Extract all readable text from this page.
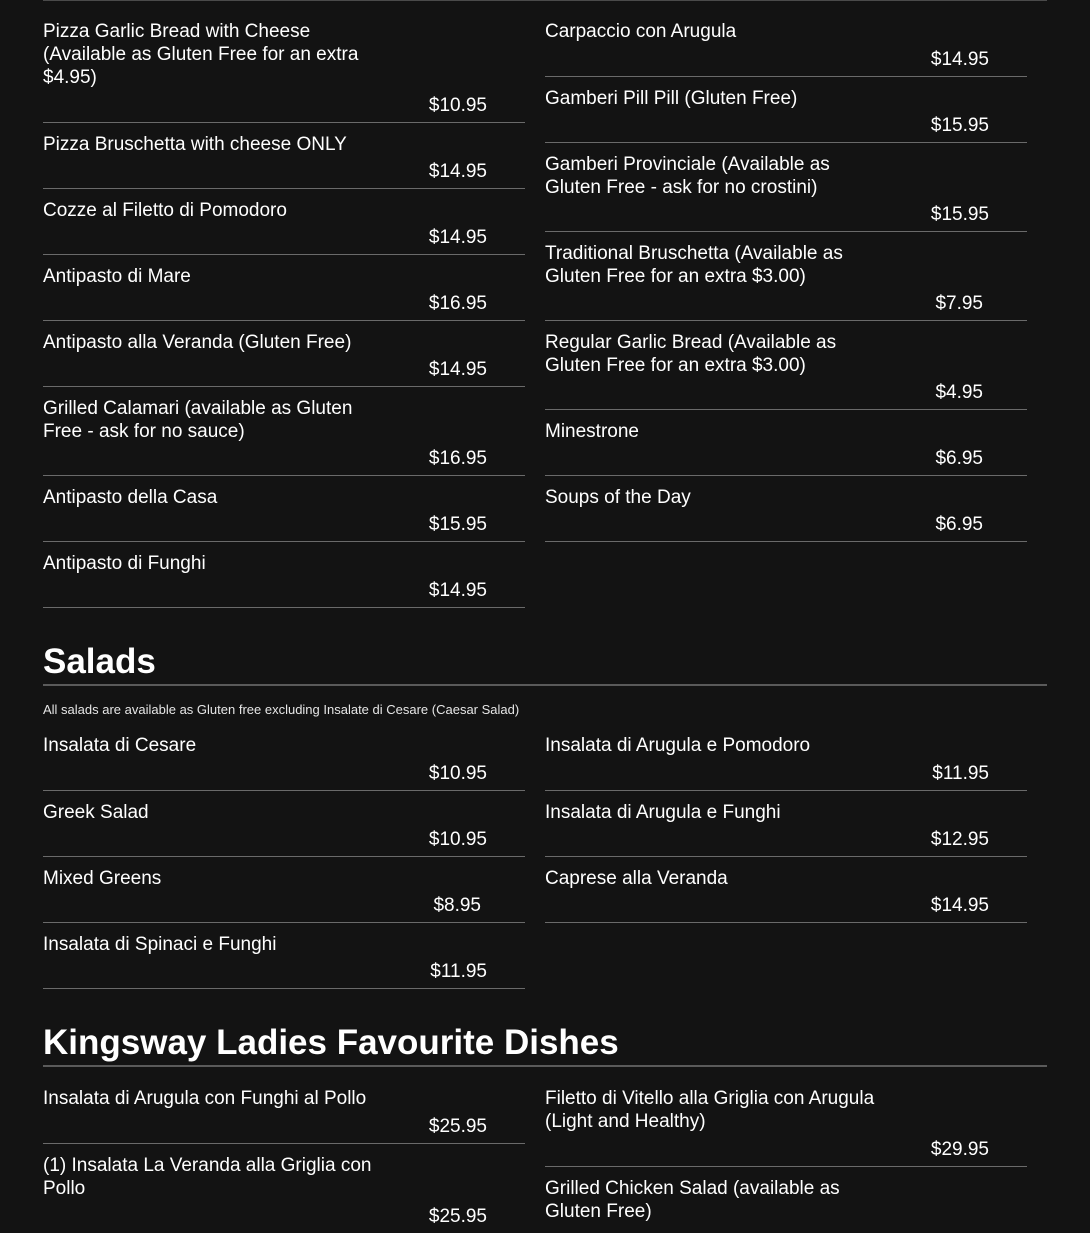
Pizza Garlic Bread with Cheese (Available as Gluten Free for an extra $4.95)
$10.95
Pizza Bruschetta with cheese ONLY
$14.95
Cozze al Filetto di Pomodoro
$14.95
Antipasto di Mare
$16.95
Antipasto alla Veranda (Gluten Free)
$14.95
Grilled Calamari (available as Gluten Free - ask for no sauce)
$16.95
Antipasto della Casa
$15.95
Antipasto di Funghi
$14.95
Carpaccio con Arugula
$14.95
Gamberi Pill Pill (Gluten Free)
$15.95
Gamberi Provinciale (Available as Gluten Free - ask for no crostini)
$15.95
Traditional Bruschetta (Available as Gluten Free for an extra $3.00)
$7.95
Regular Garlic Bread (Available as Gluten Free for an extra $3.00)
$4.95
Minestrone
$6.95
Soups of the Day
$6.95
Salads
All salads are available as Gluten free excluding Insalate di Cesare (Caesar Salad)
Insalata di Cesare
$10.95
Greek Salad
$10.95
Mixed Greens
$8.95
Insalata di Spinaci e Funghi
$11.95
Insalata di Arugula e Pomodoro
$11.95
Insalata di Arugula e Funghi
$12.95
Caprese alla Veranda
$14.95
Kingsway Ladies Favourite Dishes
Insalata di Arugula con Funghi al Pollo
$25.95
(1) Insalata La Veranda alla Griglia con Pollo
$25.95
Filetto di Vitello alla Griglia con Arugula (Light and Healthy)
$29.95
Grilled Chicken Salad (available as Gluten Free)
